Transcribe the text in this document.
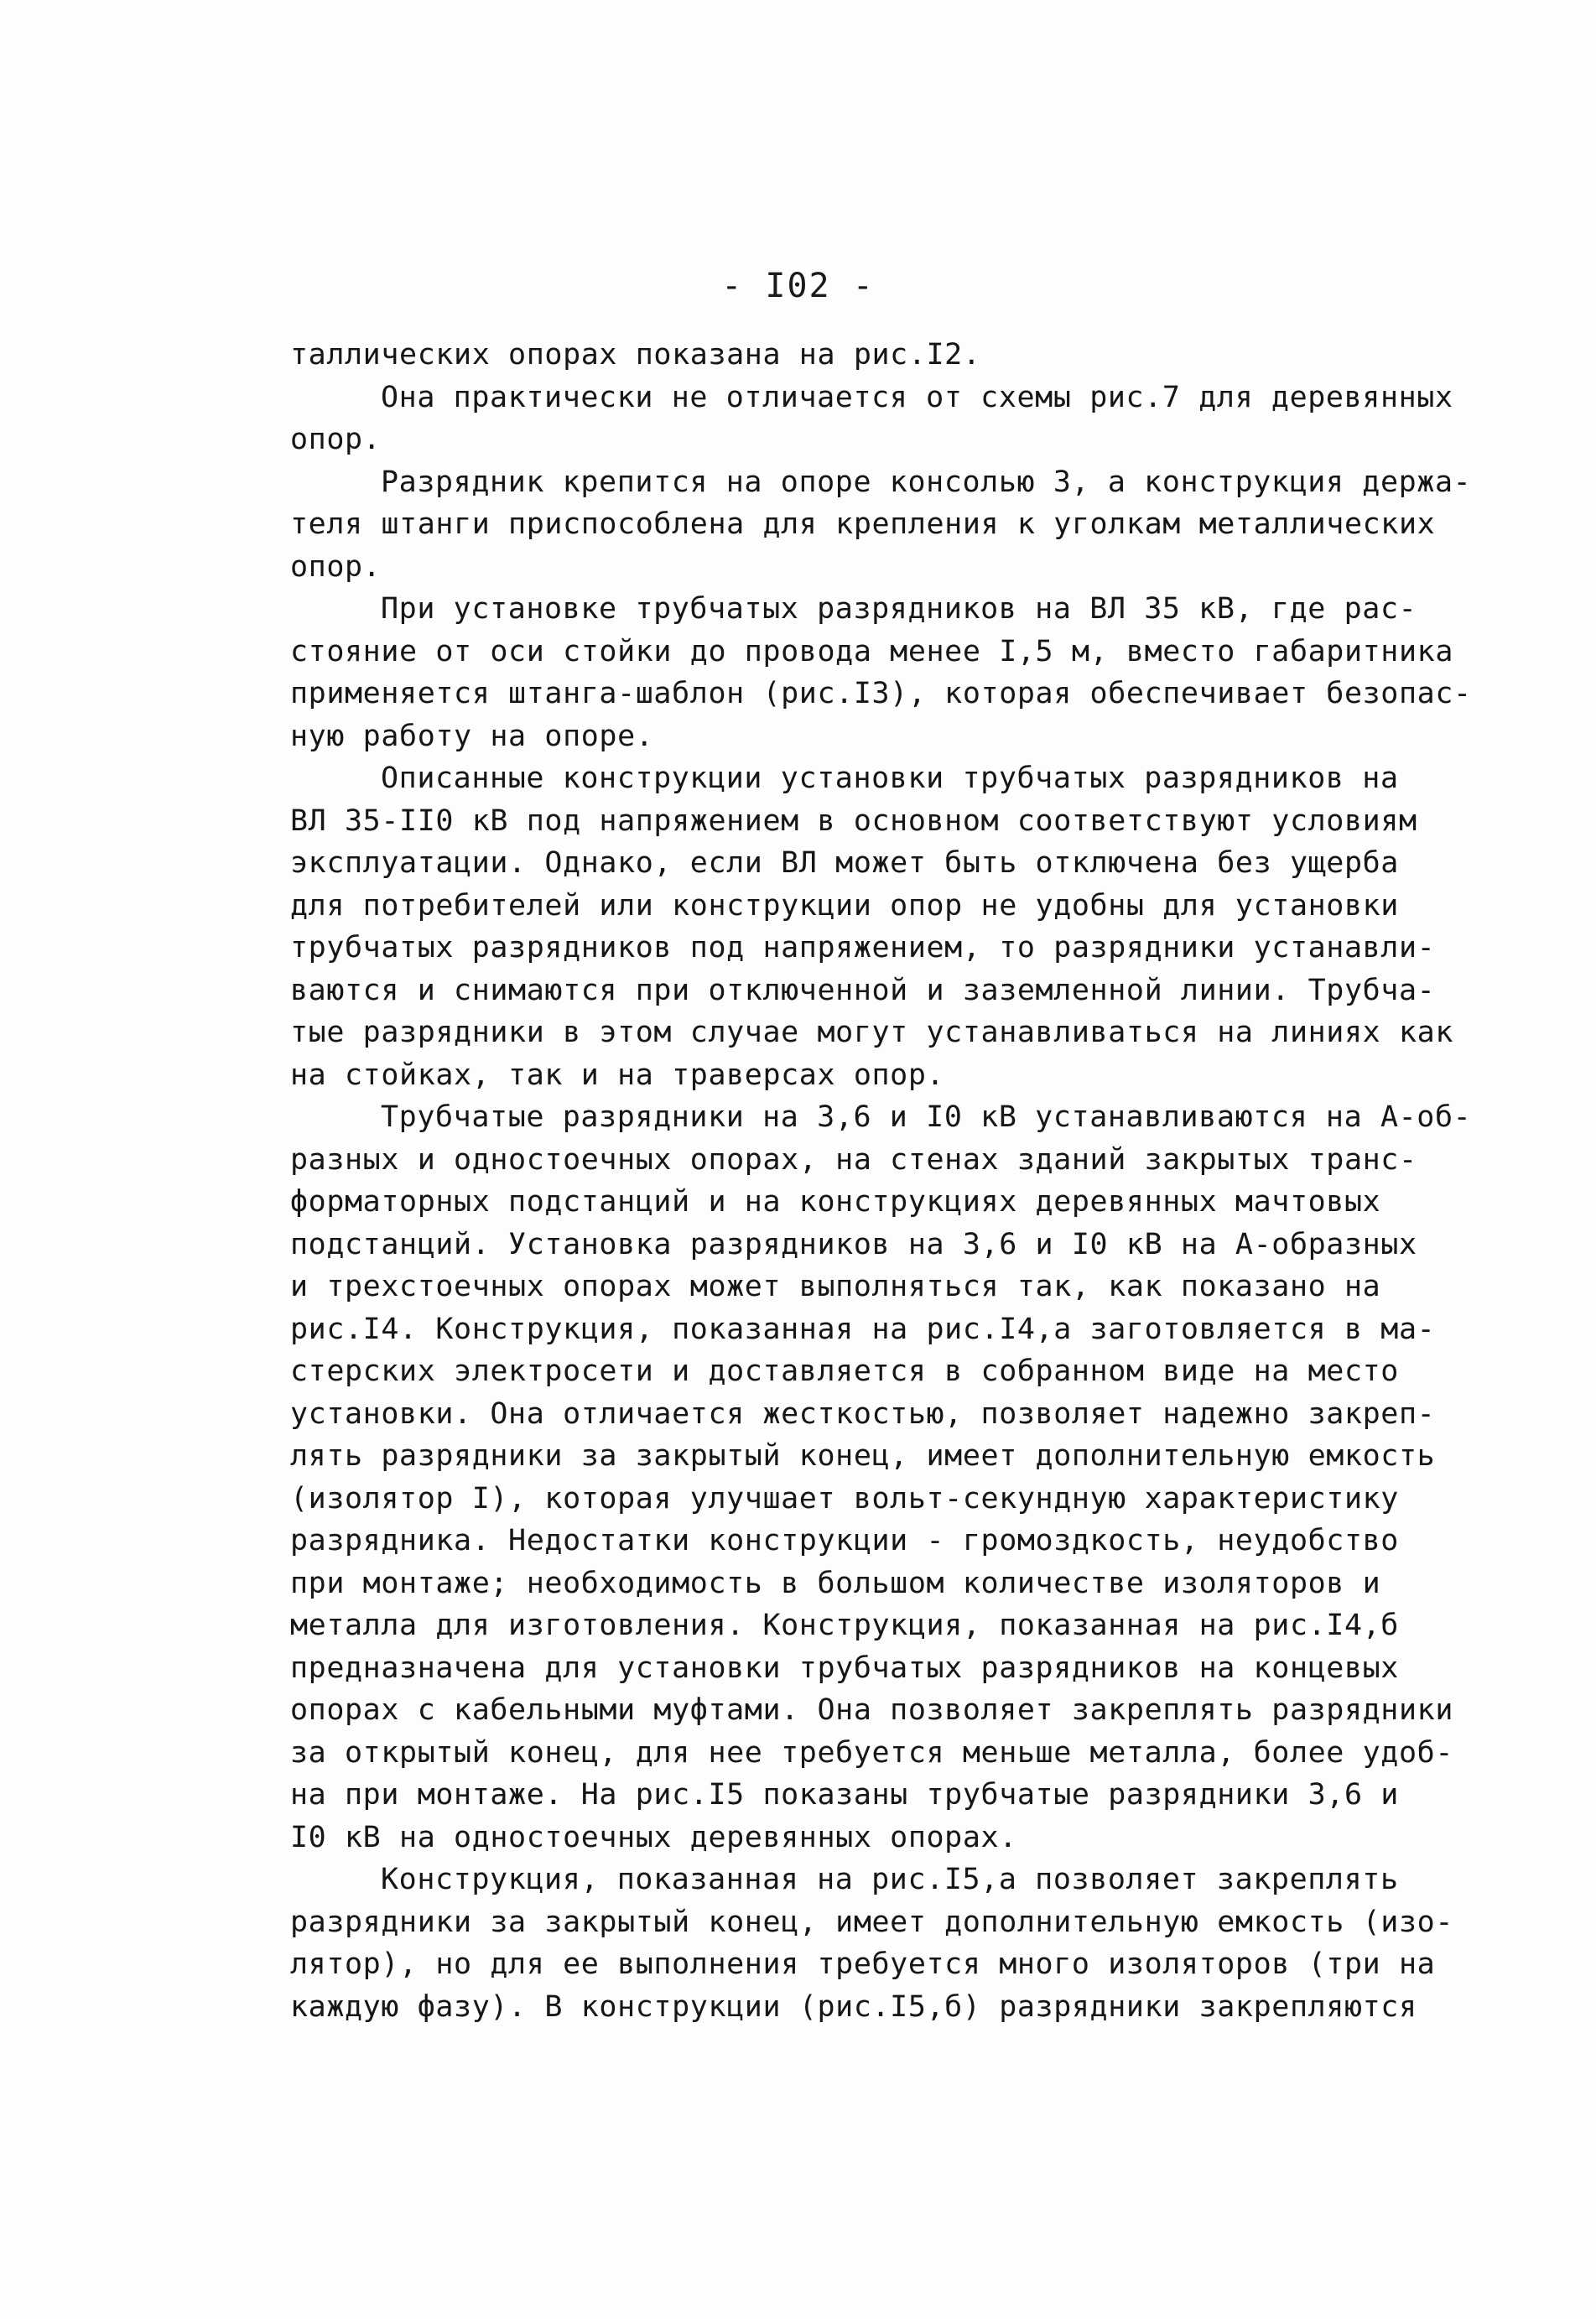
- I02 -
таллических опорах показана на рис.I2.
Она практически не отличается от схемы рис.7 для деревянных
опор.
Разрядник крепится на опоре консолью 3, а конструкция держа-
теля штанги приспособлена для крепления к уголкам металлических
опор.
При установке трубчатых разрядников на ВЛ 35 кВ, где рас-
стояние от оси стойки до провода менее I,5 м, вместо габаритника
применяется штанга-шаблон (рис.I3), которая обеспечивает безопас-
ную работу на опоре.
Описанные конструкции установки трубчатых разрядников на
ВЛ 35-II0 кВ под напряжением в основном соответствуют условиям
эксплуатации. Однако, если ВЛ может быть отключена без ущерба
для потребителей или конструкции опор не удобны для установки
трубчатых разрядников под напряжением, то разрядники устанавли-
ваются и снимаются при отключенной и заземленной линии. Трубча-
тые разрядники в этом случае могут устанавливаться на линиях как
на стойках, так и на траверсах опор.
Трубчатые разрядники на 3,6 и I0 кВ устанавливаются на А-об-
разных и одностоечных опорах, на стенах зданий закрытых транс-
форматорных подстанций и на конструкциях деревянных мачтовых
подстанций. Установка разрядников на 3,6 и I0 кВ на А-образных
и трехстоечных опорах может выполняться так, как показано на
рис.I4. Конструкция, показанная на рис.I4,а заготовляется в ма-
стерских электросети и доставляется в собранном виде на место
установки. Она отличается жесткостью, позволяет надежно закреп-
лять разрядники за закрытый конец, имеет дополнительную емкость
(изолятор I), которая улучшает вольт-секундную характеристику
разрядника. Недостатки конструкции - громоздкость, неудобство
при монтаже; необходимость в большом количестве изоляторов и
металла для изготовления. Конструкция, показанная на рис.I4,б
предназначена для установки трубчатых разрядников на концевых
опорах с кабельными муфтами. Она позволяет закреплять разрядники
за открытый конец, для нее требуется меньше металла, более удоб-
на при монтаже. На рис.I5 показаны трубчатые разрядники 3,6 и
I0 кВ на одностоечных деревянных опорах.
Конструкция, показанная на рис.I5,а позволяет закреплять
разрядники за закрытый конец, имеет дополнительную емкость (изо-
лятор), но для ее выполнения требуется много изоляторов (три на
каждую фазу). В конструкции (рис.I5,б) разрядники закрепляются
